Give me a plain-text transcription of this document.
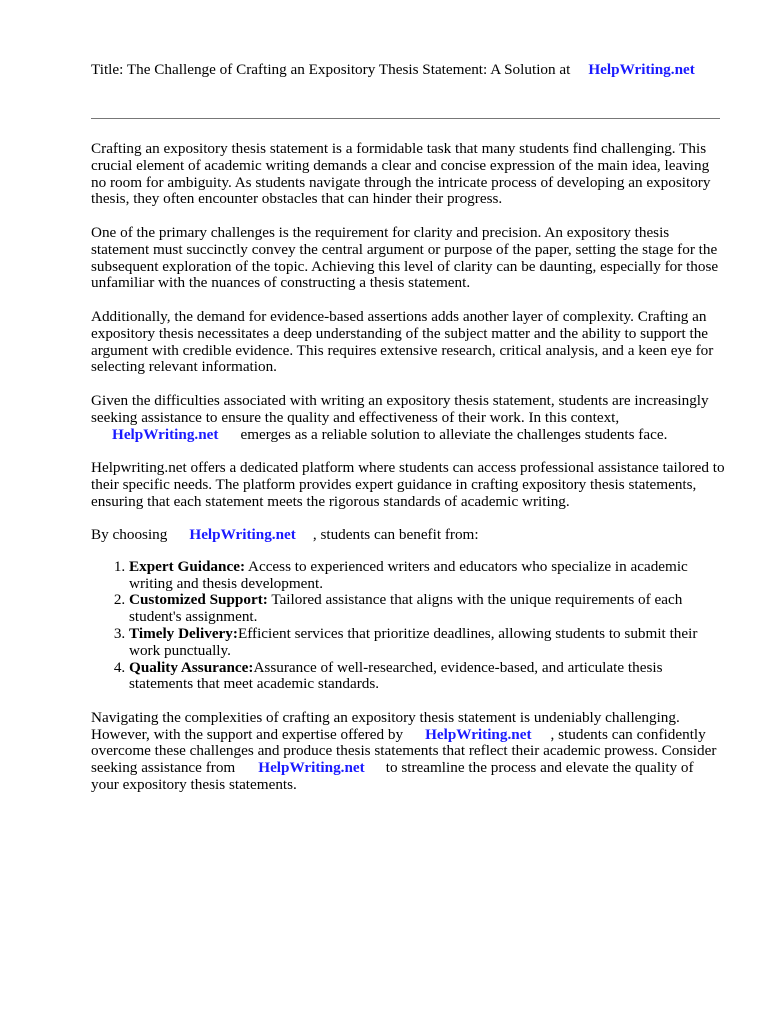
Title: The Challenge of Crafting an Expository Thesis Statement: A Solution at HelpWriting.net

Crafting an expository thesis statement is a formidable task that many students find challenging. This crucial element of academic writing demands a clear and concise expression of the main idea, leaving no room for ambiguity. As students navigate through the intricate process of developing an expository thesis, they often encounter obstacles that can hinder their progress.

One of the primary challenges is the requirement for clarity and precision. An expository thesis statement must succinctly convey the central argument or purpose of the paper, setting the stage for the subsequent exploration of the topic. Achieving this level of clarity can be daunting, especially for those unfamiliar with the nuances of constructing a thesis statement.

Additionally, the demand for evidence-based assertions adds another layer of complexity. Crafting an expository thesis necessitates a deep understanding of the subject matter and the ability to support the argument with credible evidence. This requires extensive research, critical analysis, and a keen eye for selecting relevant information.

Given the difficulties associated with writing an expository thesis statement, students are increasingly seeking assistance to ensure the quality and effectiveness of their work. In this context,
HelpWriting.net emerges as a reliable solution to alleviate the challenges students face.

Helpwriting.net offers a dedicated platform where students can access professional assistance tailored to their specific needs. The platform provides expert guidance in crafting expository thesis statements, ensuring that each statement meets the rigorous standards of academic writing.

By choosing HelpWriting.net , students can benefit from:

1. Expert Guidance: Access to experienced writers and educators who specialize in academic writing and thesis development.
2. Customized Support: Tailored assistance that aligns with the unique requirements of each student's assignment.
3. Timely Delivery:Efficient services that prioritize deadlines, allowing students to submit their work punctually.
4. Quality Assurance:Assurance of well-researched, evidence-based, and articulate thesis statements that meet academic standards.

Navigating the complexities of crafting an expository thesis statement is undeniably challenging. However, with the support and expertise offered by HelpWriting.net , students can confidently overcome these challenges and produce thesis statements that reflect their academic prowess. Consider seeking assistance from HelpWriting.net to streamline the process and elevate the quality of your expository thesis statements.
